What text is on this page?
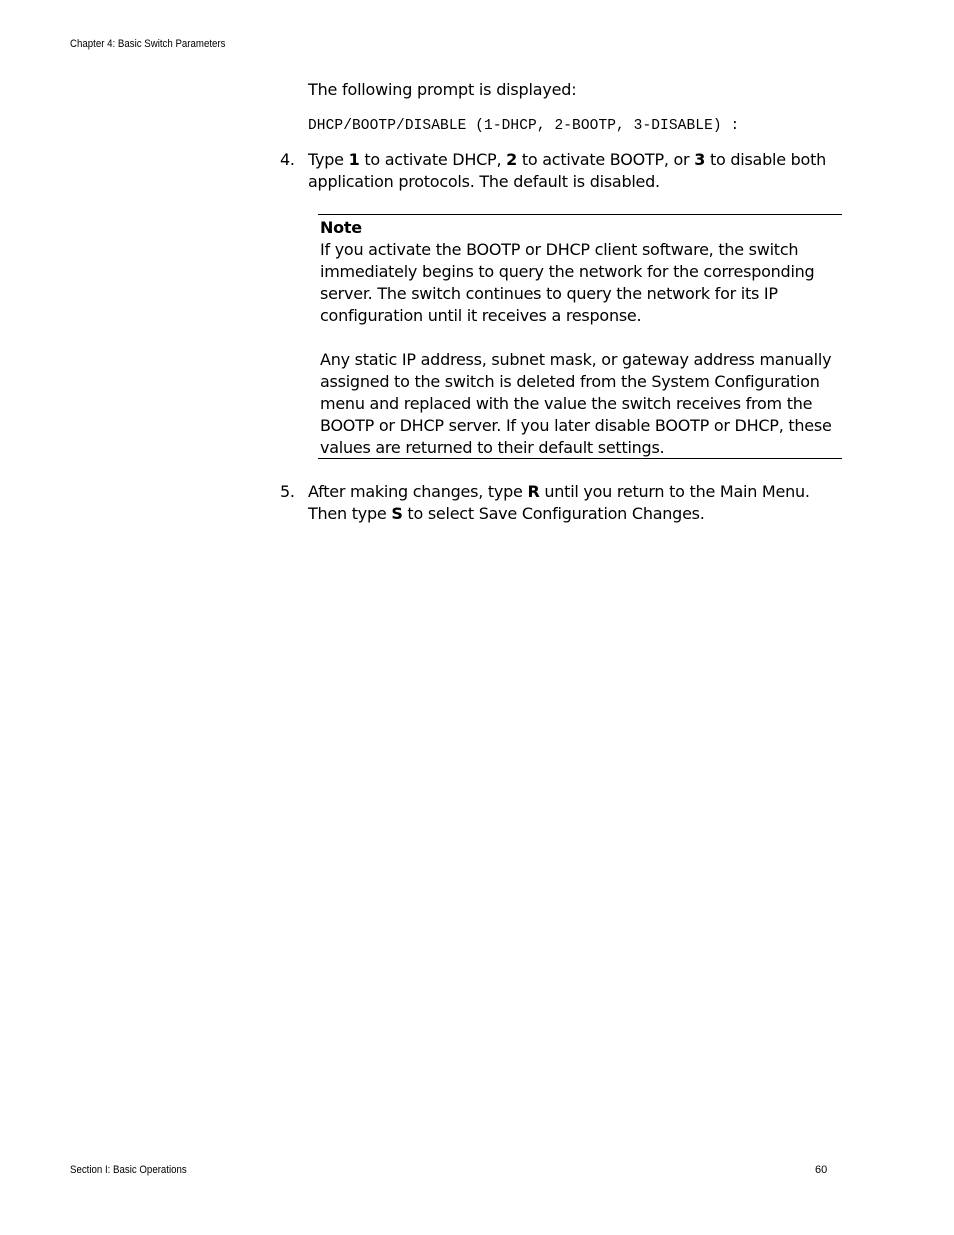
Chapter 4: Basic Switch Parameters
The following prompt is displayed:
DHCP/BOOTP/DISABLE (1-DHCP, 2-BOOTP, 3-DISABLE) :
4. Type 1 to activate DHCP, 2 to activate BOOTP, or 3 to disable both application protocols. The default is disabled.
Note
If you activate the BOOTP or DHCP client software, the switch immediately begins to query the network for the corresponding server. The switch continues to query the network for its IP configuration until it receives a response.
Any static IP address, subnet mask, or gateway address manually assigned to the switch is deleted from the System Configuration menu and replaced with the value the switch receives from the BOOTP or DHCP server. If you later disable BOOTP or DHCP, these values are returned to their default settings.
5. After making changes, type R until you return to the Main Menu. Then type S to select Save Configuration Changes.
Section I: Basic Operations	60
